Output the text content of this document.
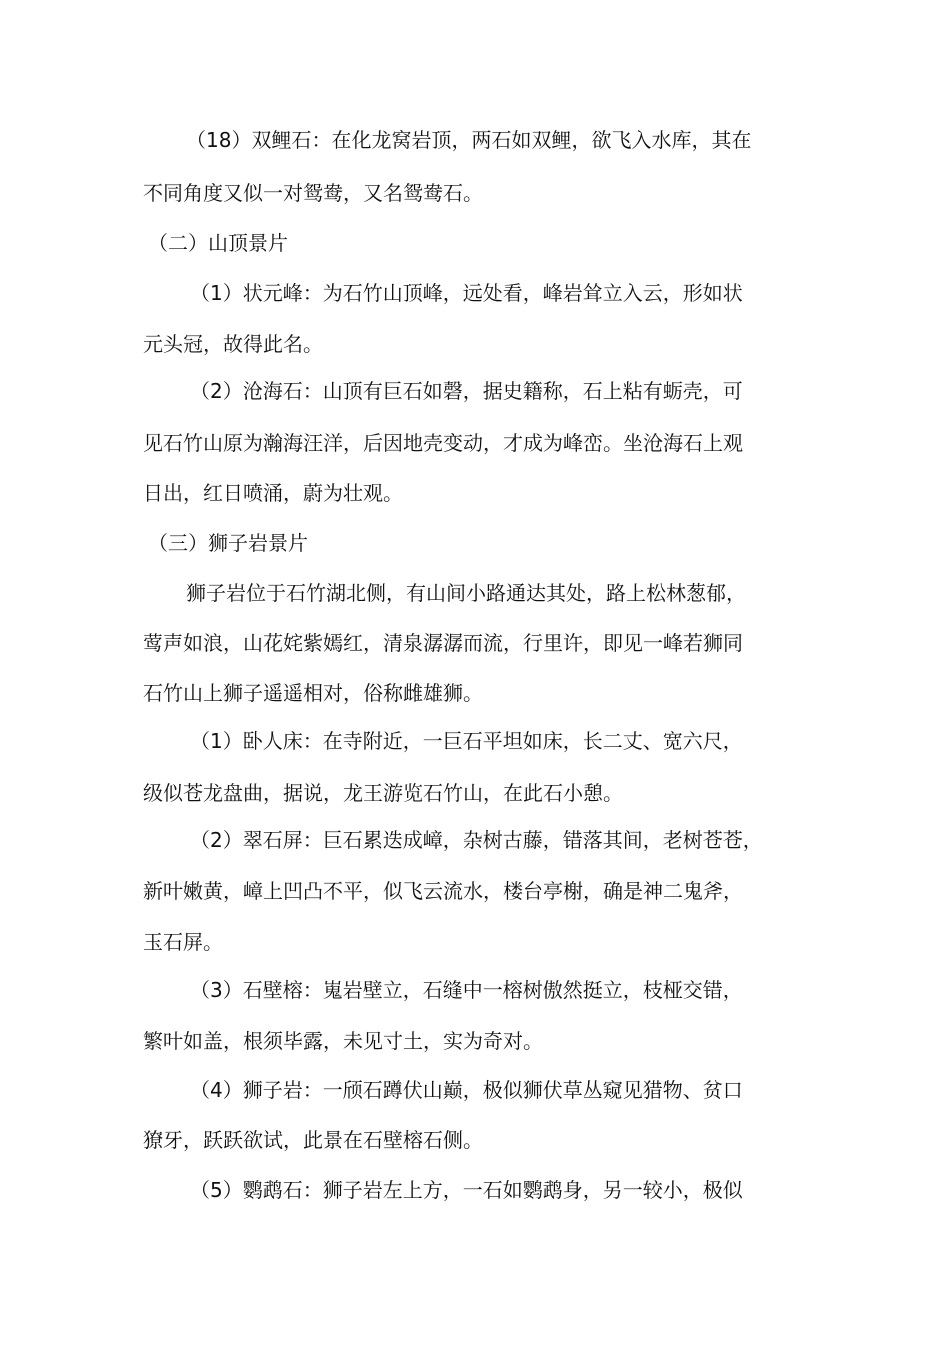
（18）双鲤石：在化龙窝岩顶，两石如双鲤，欲飞入水库，其在
不同角度又似一对鸳鸯，又名鸳鸯石。
（二）山顶景片
（1）状元峰：为石竹山顶峰，远处看，峰岩耸立入云，形如状
元头冠，故得此名。
（2）沧海石：山顶有巨石如磬，据史籍称，石上粘有蛎壳，可
见石竹山原为瀚海汪洋，后因地壳变动，才成为峰峦。坐沧海石上观
日出，红日喷涌，蔚为壮观。
（三）狮子岩景片
狮子岩位于石竹湖北侧，有山间小路通达其处，路上松林葱郁，
莺声如浪，山花姹紫嫣红，清泉潺潺而流，行里许，即见一峰若狮同
石竹山上狮子遥遥相对，俗称雌雄狮。
（1）卧人床：在寺附近，一巨石平坦如床，长二丈、宽六尺，
级似苍龙盘曲，据说，龙王游览石竹山，在此石小憩。
（2）翠石屏：巨石累迭成嶂，杂树古藤，错落其间，老树苍苍，
新叶嫩黄，嶂上凹凸不平，似飞云流水，楼台亭榭，确是神二鬼斧，
玉石屏。
（3）石壁榕：嵬岩壁立，石缝中一榕树傲然挺立，枝桠交错，
繁叶如盖，根须毕露，未见寸土，实为奇对。
（4）狮子岩：一颀石蹲伏山巅，极似狮伏草丛窥见猎物、贫口
獠牙，跃跃欲试，此景在石壁榕石侧。
（5）鹦鹉石：狮子岩左上方，一石如鹦鹉身，另一较小，极似
